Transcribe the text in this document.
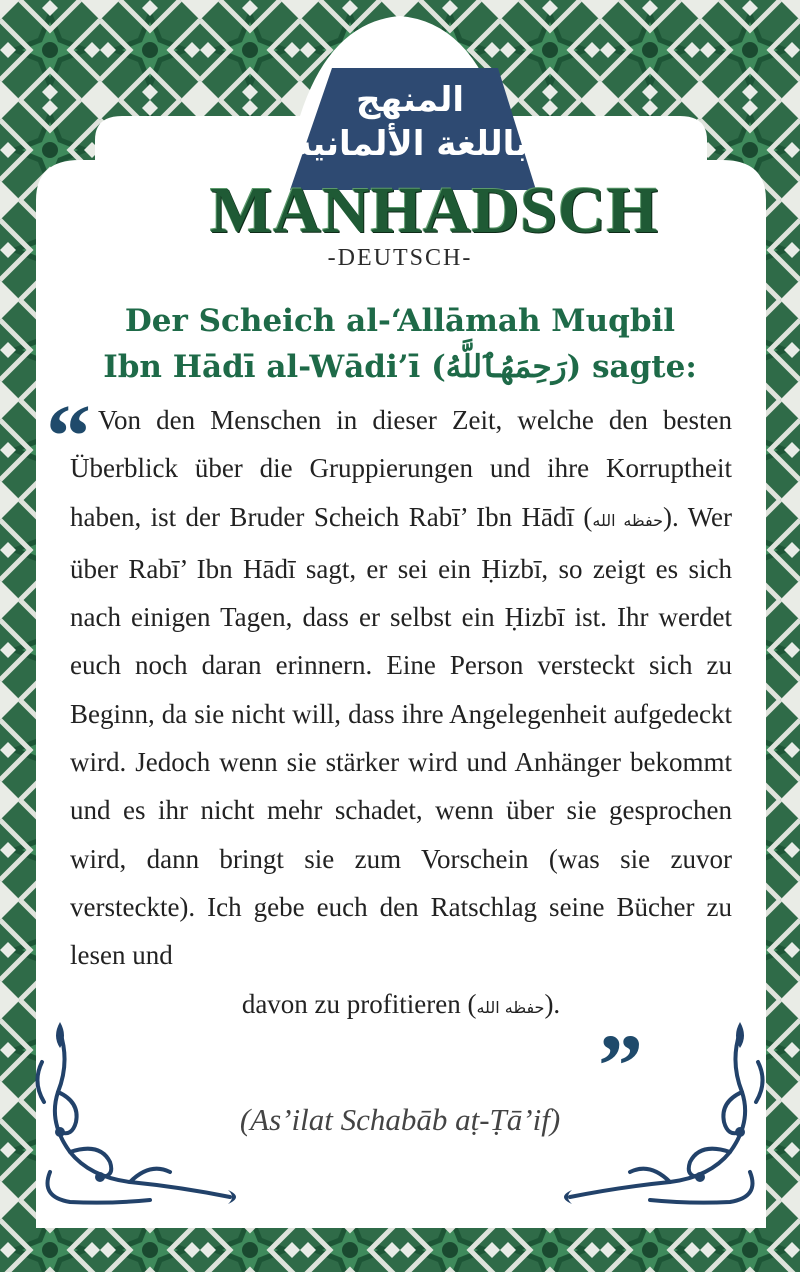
المنهج
باللغة الألمانية
MANHADSCH
-DEUTSCH-
Der Scheich al-‘Allāmah Muqbil
Ibn Hādī al-Wādi’ī (رَحِمَهُٱللَّهُ) sagte:
“ Von den Menschen in dieser Zeit, welche den besten Überblick über die Gruppierungen und ihre Korruptheit haben, ist der Bruder Scheich Rabī’ Ibn Hādī (حفظه الله). Wer über Rabī’ Ibn Hādī sagt, er sei ein Ḥizbī, so zeigt es sich nach einigen Tagen, dass er selbst ein Ḥizbī ist. Ihr werdet euch noch daran erinnern. Eine Person versteckt sich zu Beginn, da sie nicht will, dass ihre Angelegenheit aufgedeckt wird. Jedoch wenn sie stärker wird und Anhänger bekommt und es ihr nicht mehr schadet, wenn über sie gesprochen wird, dann bringt sie zum Vorschein (was sie zuvor versteckte). Ich gebe euch den Ratschlag seine Bücher zu lesen und
davon zu profitieren (حفظه الله).
”
(As’ilat Schabāb aṭ-Ṭā’if)
